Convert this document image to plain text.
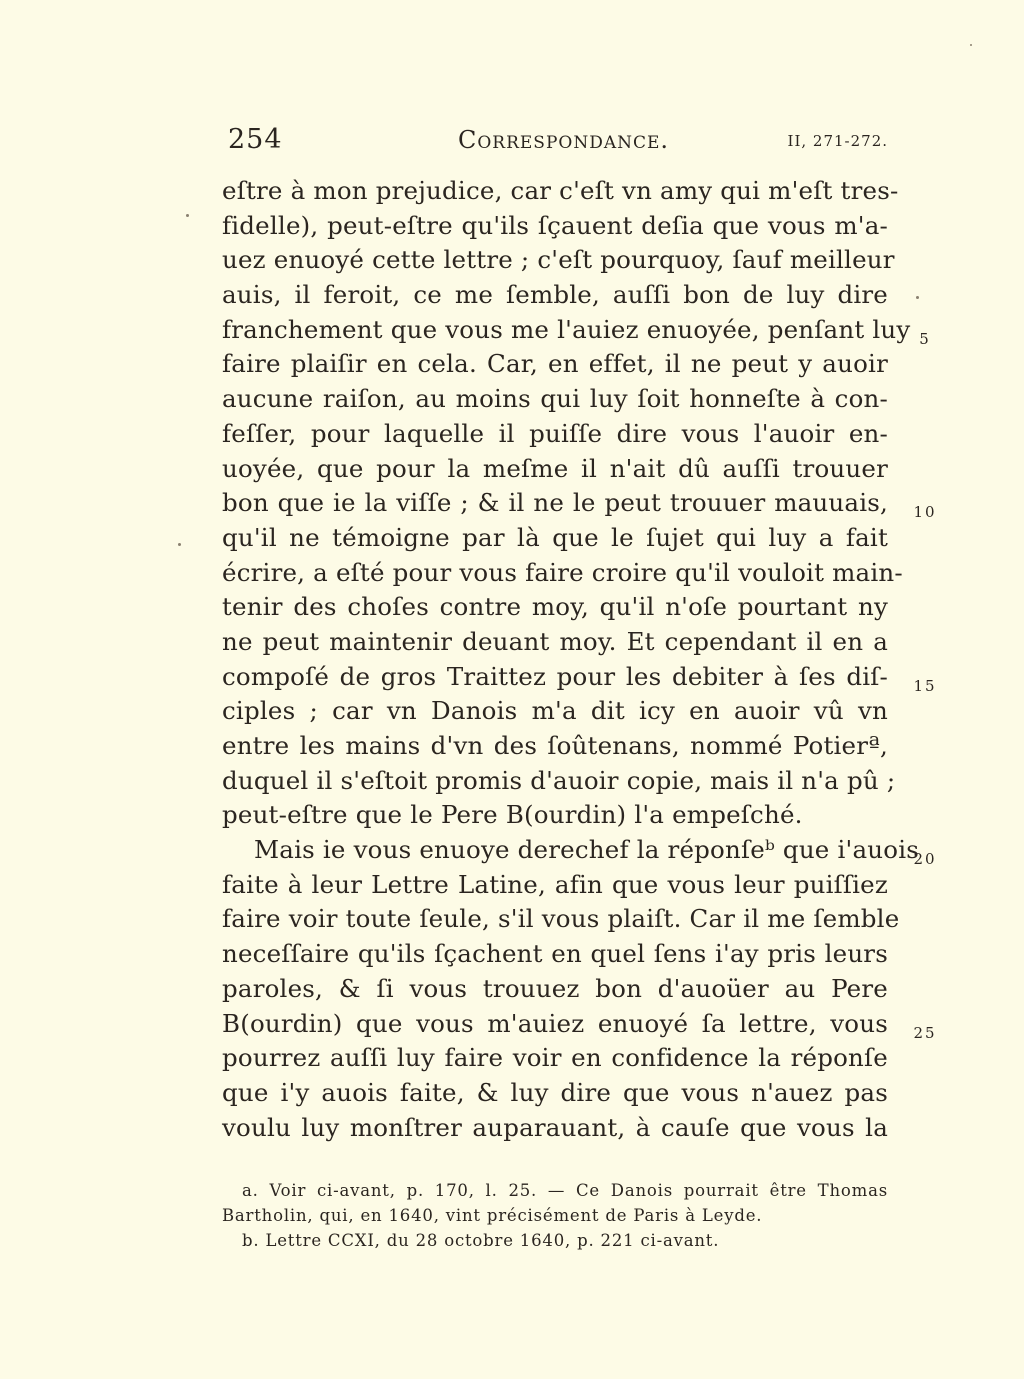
254	Correspondance.	II, 271-272.
eſtre à mon prejudice, car c'eſt vn amy qui m'eſt tres-
fidelle), peut-eſtre qu'ils ſçauent deſia que vous m'a-
uez enuoyé cette lettre ; c'eſt pourquoy, ſauf meilleur
auis, il feroit, ce me ſemble, auſſi bon de luy dire
franchement que vous me l'auiez enuoyée, penſant luy
faire plaiſir en cela. Car, en effet, il ne peut y auoir
aucune raiſon, au moins qui luy ſoit honneſte à con-
feſſer, pour laquelle il puiſſe dire vous l'auoir en-
uoyée, que pour la meſme il n'ait dû auſſi trouuer
bon que ie la viſſe ; & il ne le peut trouuer mauuais,
qu'il ne témoigne par là que le ſujet qui luy a fait
écrire, a eſté pour vous faire croire qu'il vouloit main-
tenir des choſes contre moy, qu'il n'oſe pourtant ny
ne peut maintenir deuant moy. Et cependant il en a
compoſé de gros Traittez pour les debiter à ſes diſ-
ciples ; car vn Danois m'a dit icy en auoir vû vn
entre les mains d'vn des ſoûtenans, nommé Potierª,
duquel il s'eſtoit promis d'auoir copie, mais il n'a pû ;
peut-eſtre que le Pere B(ourdin) l'a empeſché.
Mais ie vous enuoye derechef la réponſeᵇ que i'auois
faite à leur Lettre Latine, afin que vous leur puiſſiez
faire voir toute ſeule, s'il vous plaiſt. Car il me ſemble
neceſſaire qu'ils ſçachent en quel ſens i'ay pris leurs
paroles, & ſi vous trouuez bon d'auoüer au Pere
B(ourdin) que vous m'auiez enuoyé ſa lettre, vous
pourrez auſſi luy faire voir en confidence la réponſe
que i'y auois faite, & luy dire que vous n'auez pas
voulu luy monſtrer auparauant, à cauſe que vous la
5
10
15
20
25
a. Voir ci-avant, p. 170, l. 25. — Ce Danois pourrait être Thomas
Bartholin, qui, en 1640, vint précisément de Paris à Leyde.
b. Lettre CCXI, du 28 octobre 1640, p. 221 ci-avant.
